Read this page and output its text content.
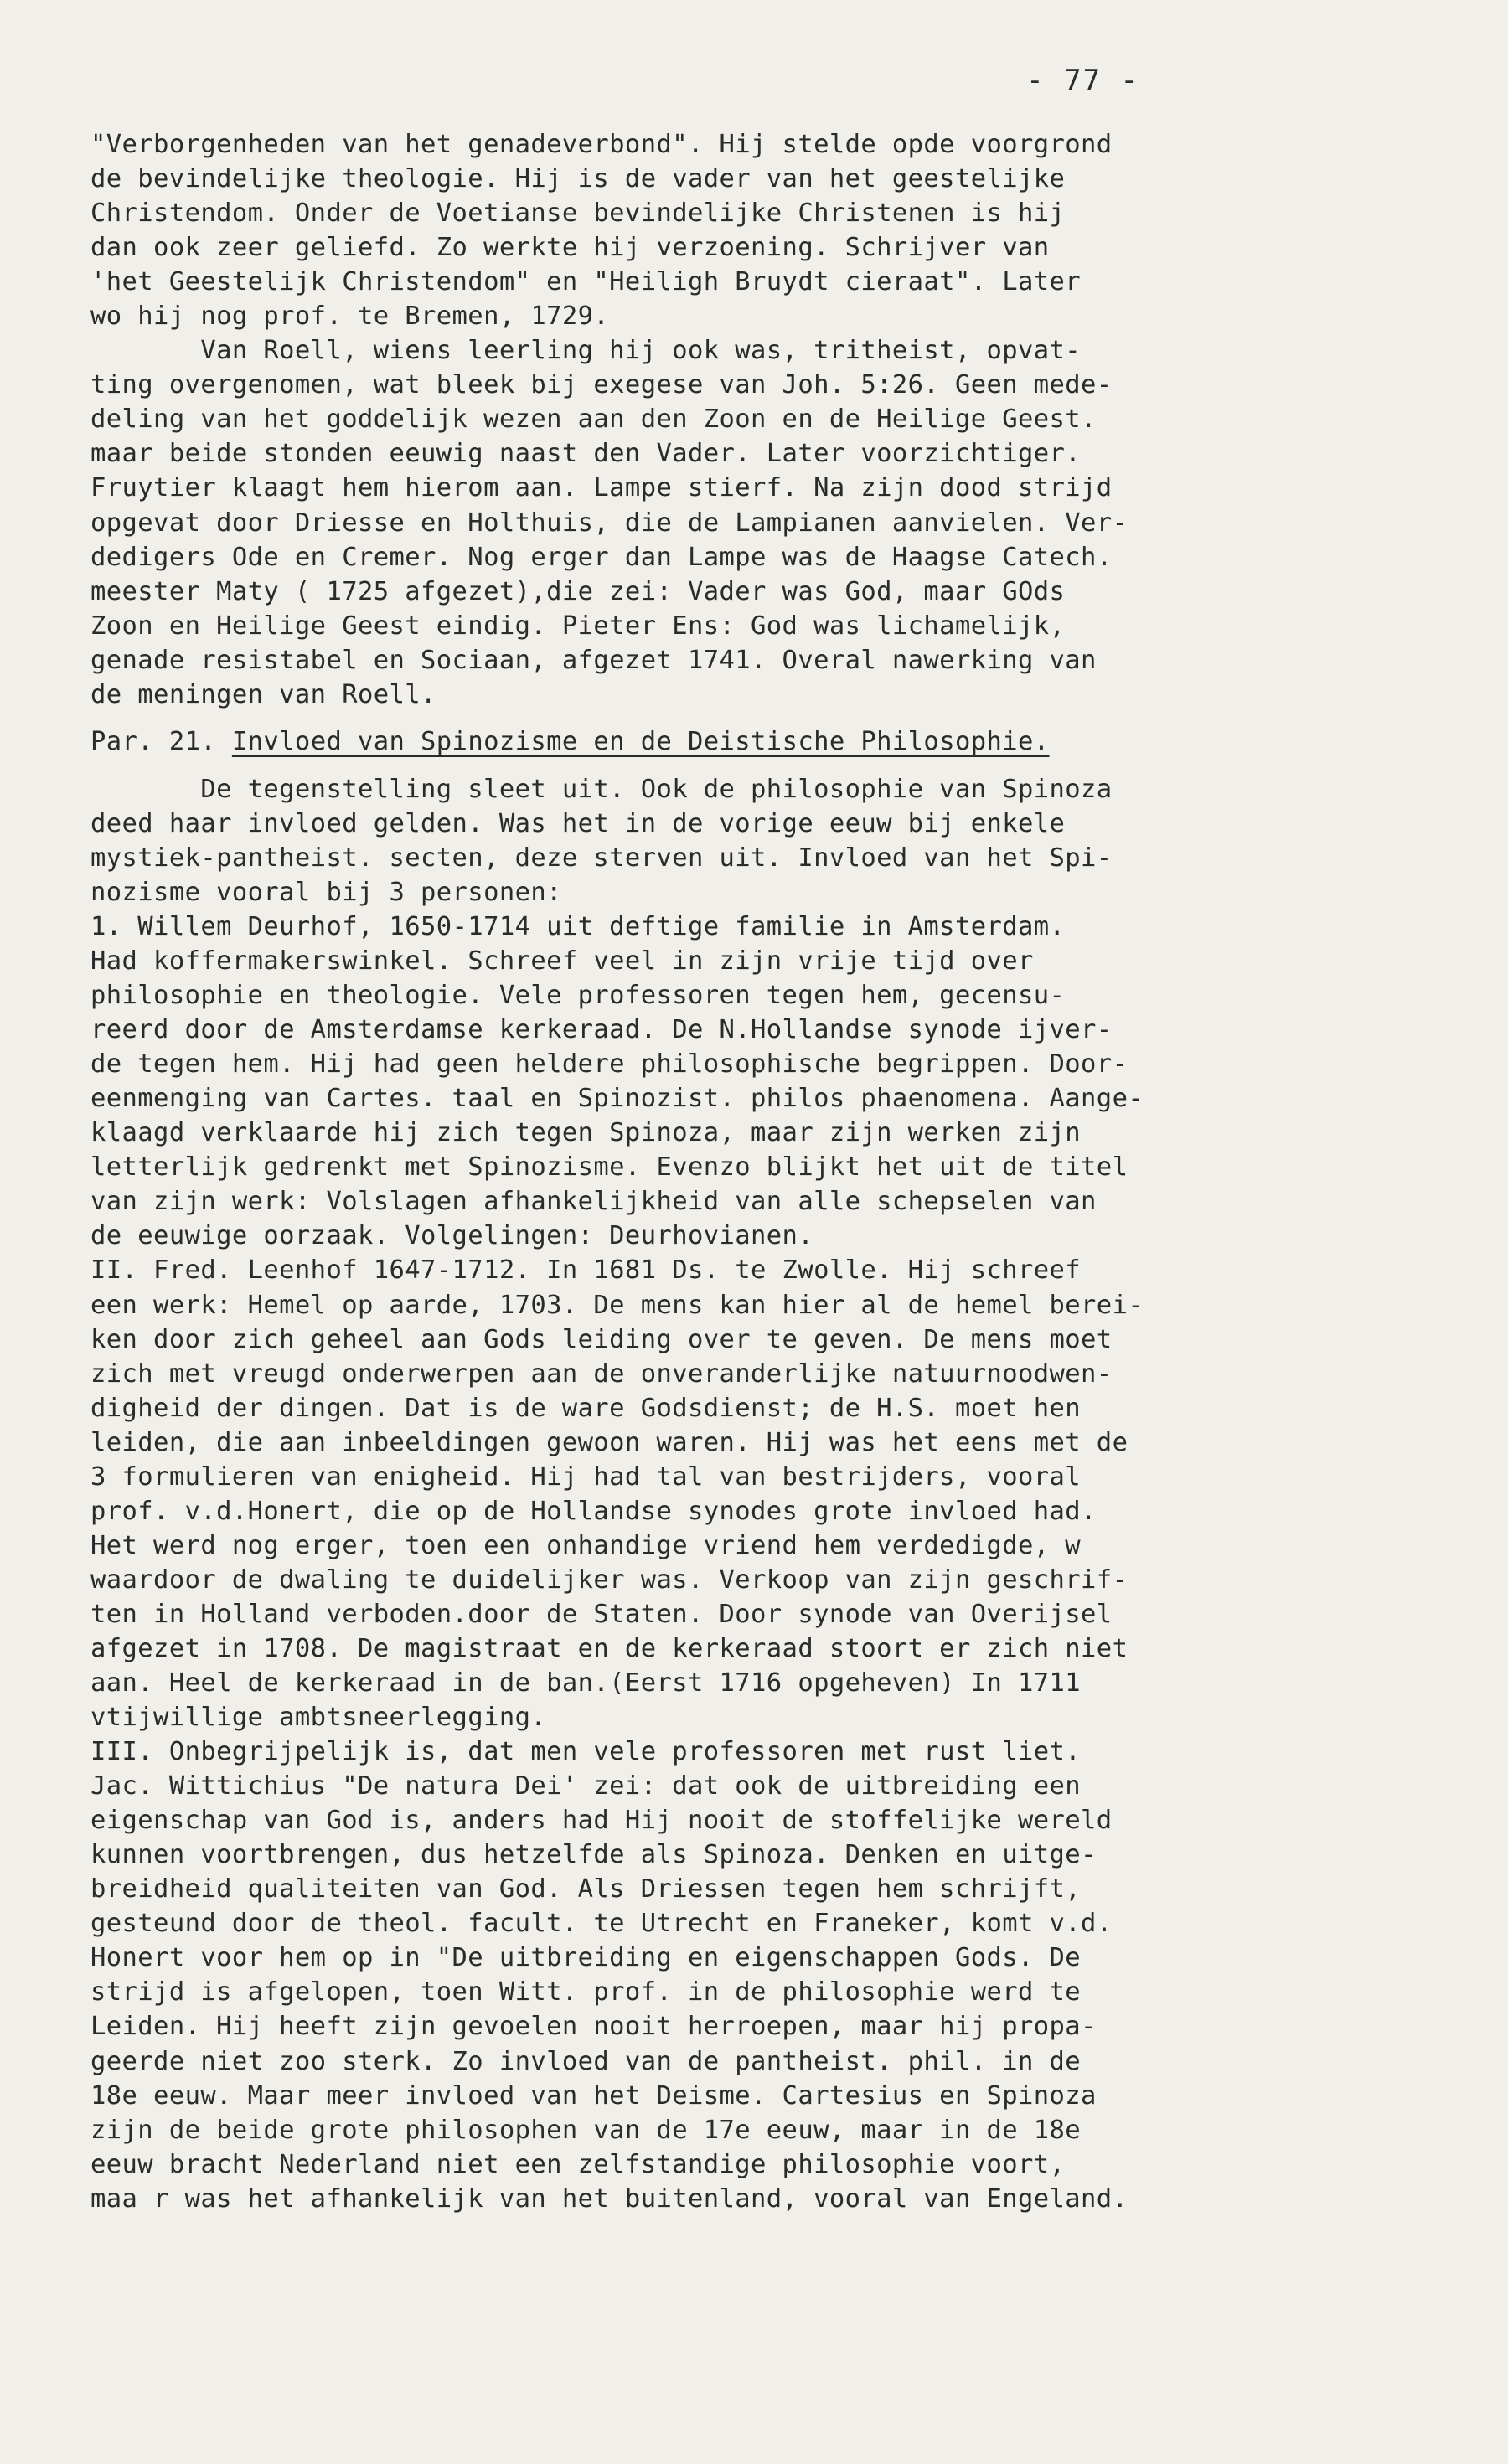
- 77 -
"Verborgenheden van het genadeverbond". Hij stelde opde voorgrond
de bevindelijke theologie. Hij is de vader van het geestelijke
Christendom. Onder de Voetianse bevindelijke Christenen is hij
dan ook zeer geliefd. Zo werkte hij verzoening. Schrijver van
'het Geestelijk Christendom" en "Heiligh Bruydt cieraat". Later
wo hij nog prof. te Bremen, 1729.
Van Roell, wiens leerling hij ook was, tritheist, opvat-
ting overgenomen, wat bleek bij exegese van Joh. 5:26. Geen mede-
deling van het goddelijk wezen aan den Zoon en de Heilige Geest.
maar beide stonden eeuwig naast den Vader. Later voorzichtiger.
Fruytier klaagt hem hierom aan. Lampe stierf. Na zijn dood strijd
opgevat door Driesse en Holthuis, die de Lampianen aanvielen. Ver-
dedigers Ode en Cremer. Nog erger dan Lampe was de Haagse Catech.
meester Maty ( 1725 afgezet),die zei: Vader was God, maar GOds
Zoon en Heilige Geest eindig. Pieter Ens: God was lichamelijk,
genade resistabel en Sociaan, afgezet 1741. Overal nawerking van
de meningen van Roell.
Par. 21. Invloed van Spinozisme en de Deistische Philosophie.
De tegenstelling sleet uit. Ook de philosophie van Spinoza
deed haar invloed gelden. Was het in de vorige eeuw bij enkele
mystiek-pantheist. secten, deze sterven uit. Invloed van het Spi-
nozisme vooral bij 3 personen:
1. Willem Deurhof, 1650-1714 uit deftige familie in Amsterdam.
Had koffermakerswinkel. Schreef veel in zijn vrije tijd over
philosophie en theologie. Vele professoren tegen hem, gecensu-
reerd door de Amsterdamse kerkeraad. De N.Hollandse synode ijver-
de tegen hem. Hij had geen heldere philosophische begrippen. Door-
eenmenging van Cartes. taal en Spinozist. philos phaenomena. Aange-
klaagd verklaarde hij zich tegen Spinoza, maar zijn werken zijn
letterlijk gedrenkt met Spinozisme. Evenzo blijkt het uit de titel
van zijn werk: Volslagen afhankelijkheid van alle schepselen van
de eeuwige oorzaak. Volgelingen: Deurhovianen.
II. Fred. Leenhof 1647-1712. In 1681 Ds. te Zwolle. Hij schreef
een werk: Hemel op aarde, 1703. De mens kan hier al de hemel berei-
ken door zich geheel aan Gods leiding over te geven. De mens moet
zich met vreugd onderwerpen aan de onveranderlijke natuurnoodwen-
digheid der dingen. Dat is de ware Godsdienst; de H.S. moet hen
leiden, die aan inbeeldingen gewoon waren. Hij was het eens met de
3 formulieren van enigheid. Hij had tal van bestrijders, vooral
prof. v.d.Honert, die op de Hollandse synodes grote invloed had.
Het werd nog erger, toen een onhandige vriend hem verdedigde, w
waardoor de dwaling te duidelijker was. Verkoop van zijn geschrif-
ten in Holland verboden.door de Staten. Door synode van Overijsel
afgezet in 1708. De magistraat en de kerkeraad stoort er zich niet
aan. Heel de kerkeraad in de ban.(Eerst 1716 opgeheven) In 1711
vtijwillige ambtsneerlegging.
III. Onbegrijpelijk is, dat men vele professoren met rust liet.
Jac. Wittichius "De natura Dei' zei: dat ook de uitbreiding een
eigenschap van God is, anders had Hij nooit de stoffelijke wereld
kunnen voortbrengen, dus hetzelfde als Spinoza. Denken en uitge-
breidheid qualiteiten van God. Als Driessen tegen hem schrijft,
gesteund door de theol. facult. te Utrecht en Franeker, komt v.d.
Honert voor hem op in "De uitbreiding en eigenschappen Gods. De
strijd is afgelopen, toen Witt. prof. in de philosophie werd te
Leiden. Hij heeft zijn gevoelen nooit herroepen, maar hij propa-
geerde niet zoo sterk. Zo invloed van de pantheist. phil. in de
18e eeuw. Maar meer invloed van het Deisme. Cartesius en Spinoza
zijn de beide grote philosophen van de 17e eeuw, maar in de 18e
eeuw bracht Nederland niet een zelfstandige philosophie voort,
maa r was het afhankelijk van het buitenland, vooral van Engeland.
